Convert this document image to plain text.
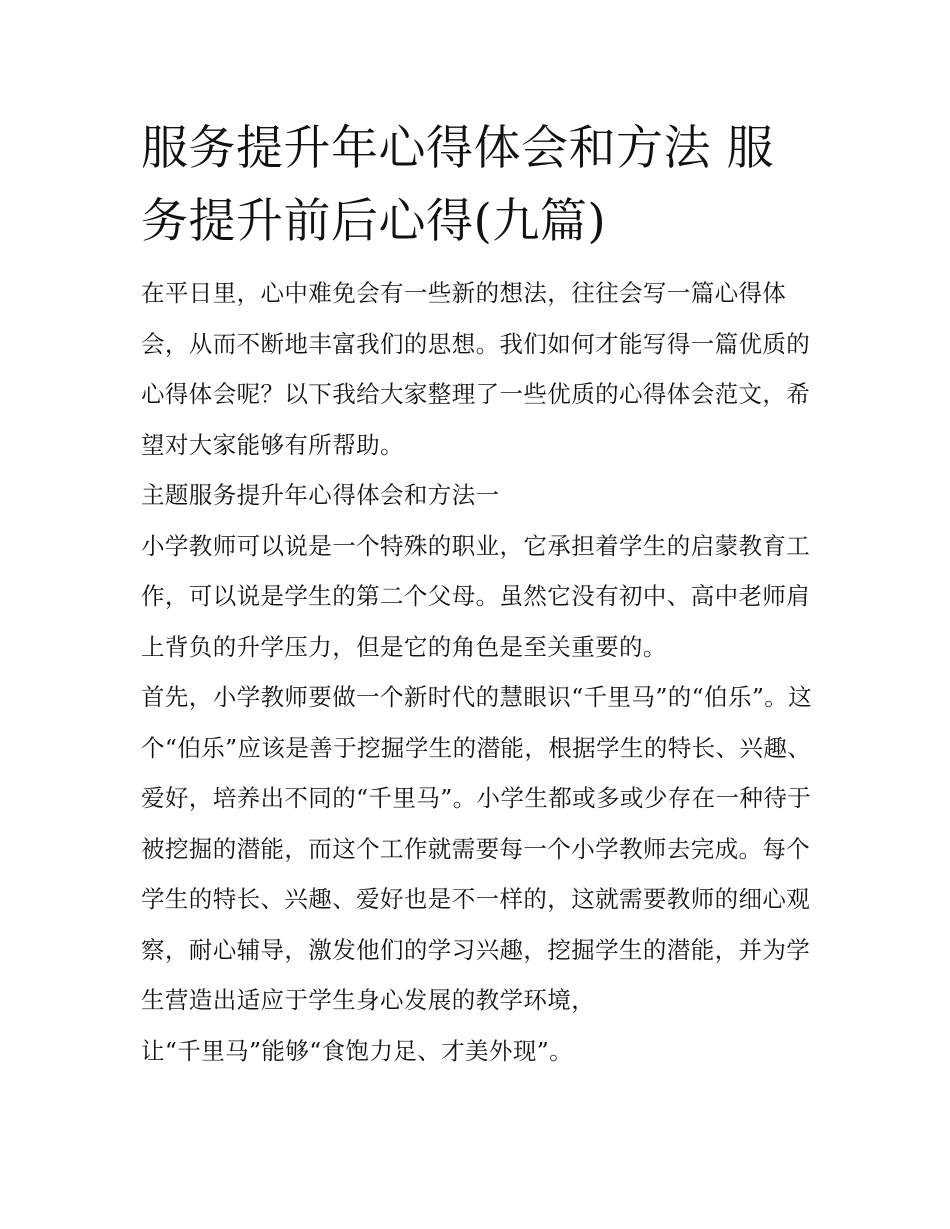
服务提升年心得体会和方法 服务提升前后心得(九篇)

在平日里，心中难免会有一些新的想法，往往会写一篇心得体会，从而不断地丰富我们的思想。我们如何才能写得一篇优质的心得体会呢？以下我给大家整理了一些优质的心得体会范文，希望对大家能够有所帮助。

主题服务提升年心得体会和方法一

小学教师可以说是一个特殊的职业，它承担着学生的启蒙教育工作，可以说是学生的第二个父母。虽然它没有初中、高中老师肩上背负的升学压力，但是它的角色是至关重要的。

首先，小学教师要做一个新时代的慧眼识“千里马”的“伯乐”。这个“伯乐”应该是善于挖掘学生的潜能，根据学生的特长、兴趣、爱好，培养出不同的“千里马”。小学生都或多或少存在一种待于被挖掘的潜能，而这个工作就需要每一个小学教师去完成。每个学生的特长、兴趣、爱好也是不一样的，这就需要教师的细心观察，耐心辅导，激发他们的学习兴趣，挖掘学生的潜能，并为学生营造出适应于学生身心发展的教学环境，

让“千里马”能够“食饱力足、才美外现”。
